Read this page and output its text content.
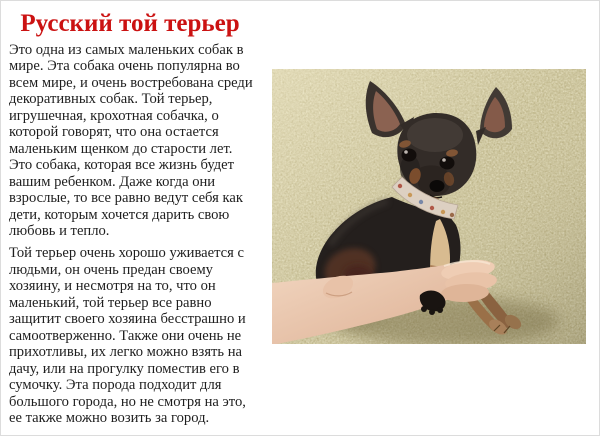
Русский той терьер

Это одна из самых маленьких собак в мире. Эта собака очень популярна во всем мире, и очень востребована среди декоративных собак. Той терьер, игрушечная, крохотная собачка, о которой говорят, что она остается маленьким щенком до старости лет. Это собака, которая все жизнь будет вашим ребенком. Даже когда они взрослые, то все равно ведут себя как дети, которым хочется дарить свою любовь и тепло.

Той терьер очень хорошо уживается с людьми, он очень предан своему хозяину, и несмотря на то, что он маленький, той терьер все равно защитит своего хозяина бесстрашно и самоотверженно. Также они очень не прихотливы, их легко можно взять на дачу, или на прогулку поместив его в сумочку. Эта порода подходит для большого города, но не смотря на это, ее также можно возить за город.
